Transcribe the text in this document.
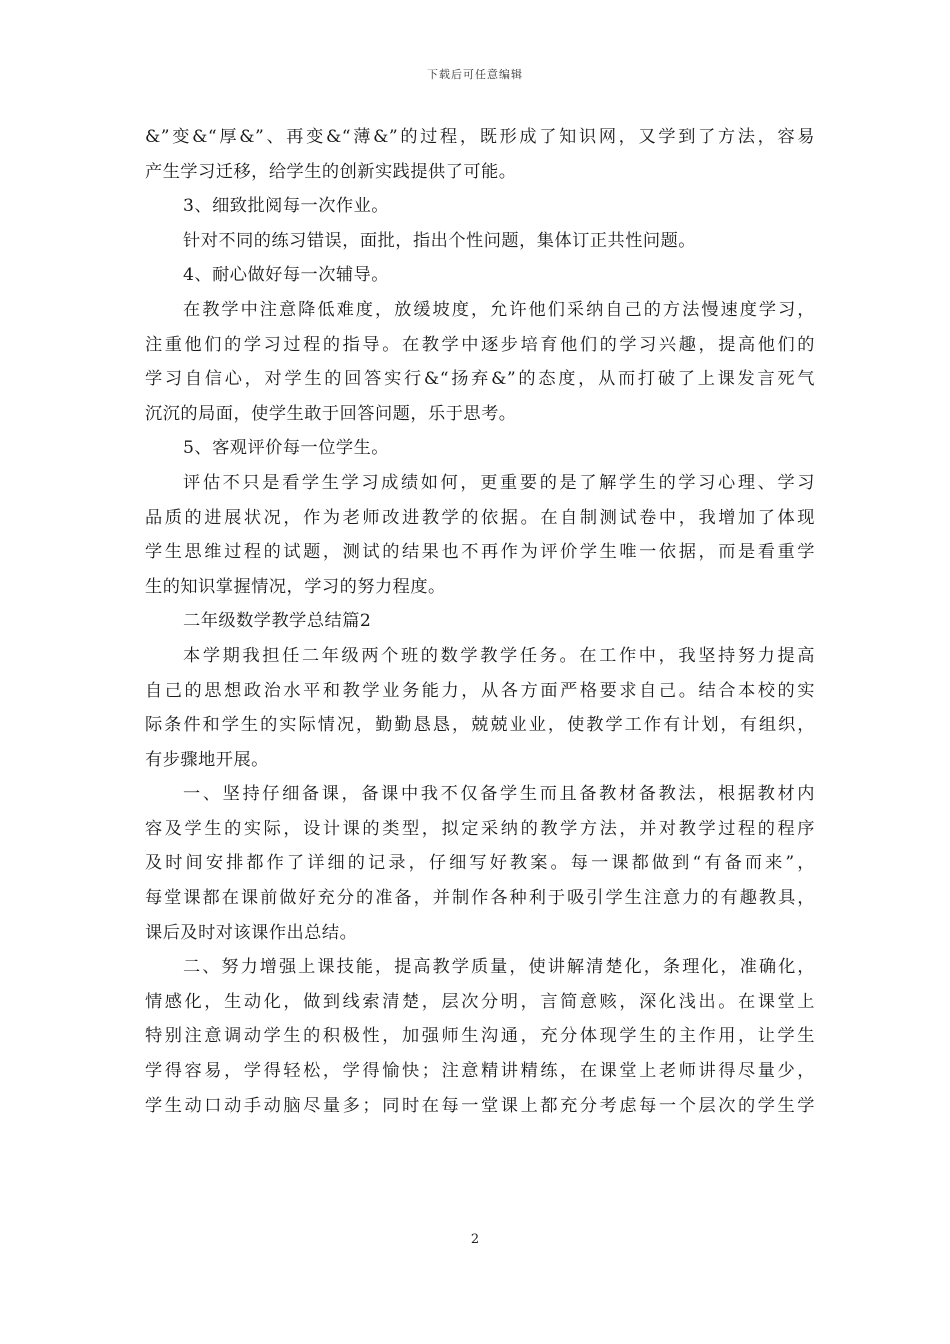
下载后可任意编辑
&”变&“厚&”、再变&“薄&”的过程，既形成了知识网，又学到了方法，容易
产生学习迁移，给学生的创新实践提供了可能。
3、细致批阅每一次作业。
针对不同的练习错误，面批，指出个性问题，集体订正共性问题。
4、耐心做好每一次辅导。
在教学中注意降低难度，放缓坡度，允许他们采纳自己的方法慢速度学习，
注重他们的学习过程的指导。在教学中逐步培育他们的学习兴趣，提高他们的
学习自信心，对学生的回答实行&“扬弃&”的态度，从而打破了上课发言死气
沉沉的局面，使学生敢于回答问题，乐于思考。
5、客观评价每一位学生。
评估不只是看学生学习成绩如何，更重要的是了解学生的学习心理、学习
品质的进展状况，作为老师改进教学的依据。在自制测试卷中，我增加了体现
学生思维过程的试题，测试的结果也不再作为评价学生唯一依据，而是看重学
生的知识掌握情况，学习的努力程度。
二年级数学教学总结篇2
本学期我担任二年级两个班的数学教学任务。在工作中，我坚持努力提高
自己的思想政治水平和教学业务能力，从各方面严格要求自己。结合本校的实
际条件和学生的实际情况，勤勤恳恳，兢兢业业，使教学工作有计划，有组织，
有步骤地开展。
一、坚持仔细备课，备课中我不仅备学生而且备教材备教法，根据教材内
容及学生的实际，设计课的类型，拟定采纳的教学方法，并对教学过程的程序
及时间安排都作了详细的记录，仔细写好教案。每一课都做到“有备而来”，
每堂课都在课前做好充分的准备，并制作各种利于吸引学生注意力的有趣教具，
课后及时对该课作出总结。
二、努力增强上课技能，提高教学质量，使讲解清楚化，条理化，准确化，
情感化，生动化，做到线索清楚，层次分明，言简意赅，深化浅出。在课堂上
特别注意调动学生的积极性，加强师生沟通，充分体现学生的主作用，让学生
学得容易，学得轻松，学得愉快；注意精讲精练，在课堂上老师讲得尽量少，
学生动口动手动脑尽量多；同时在每一堂课上都充分考虑每一个层次的学生学
2
